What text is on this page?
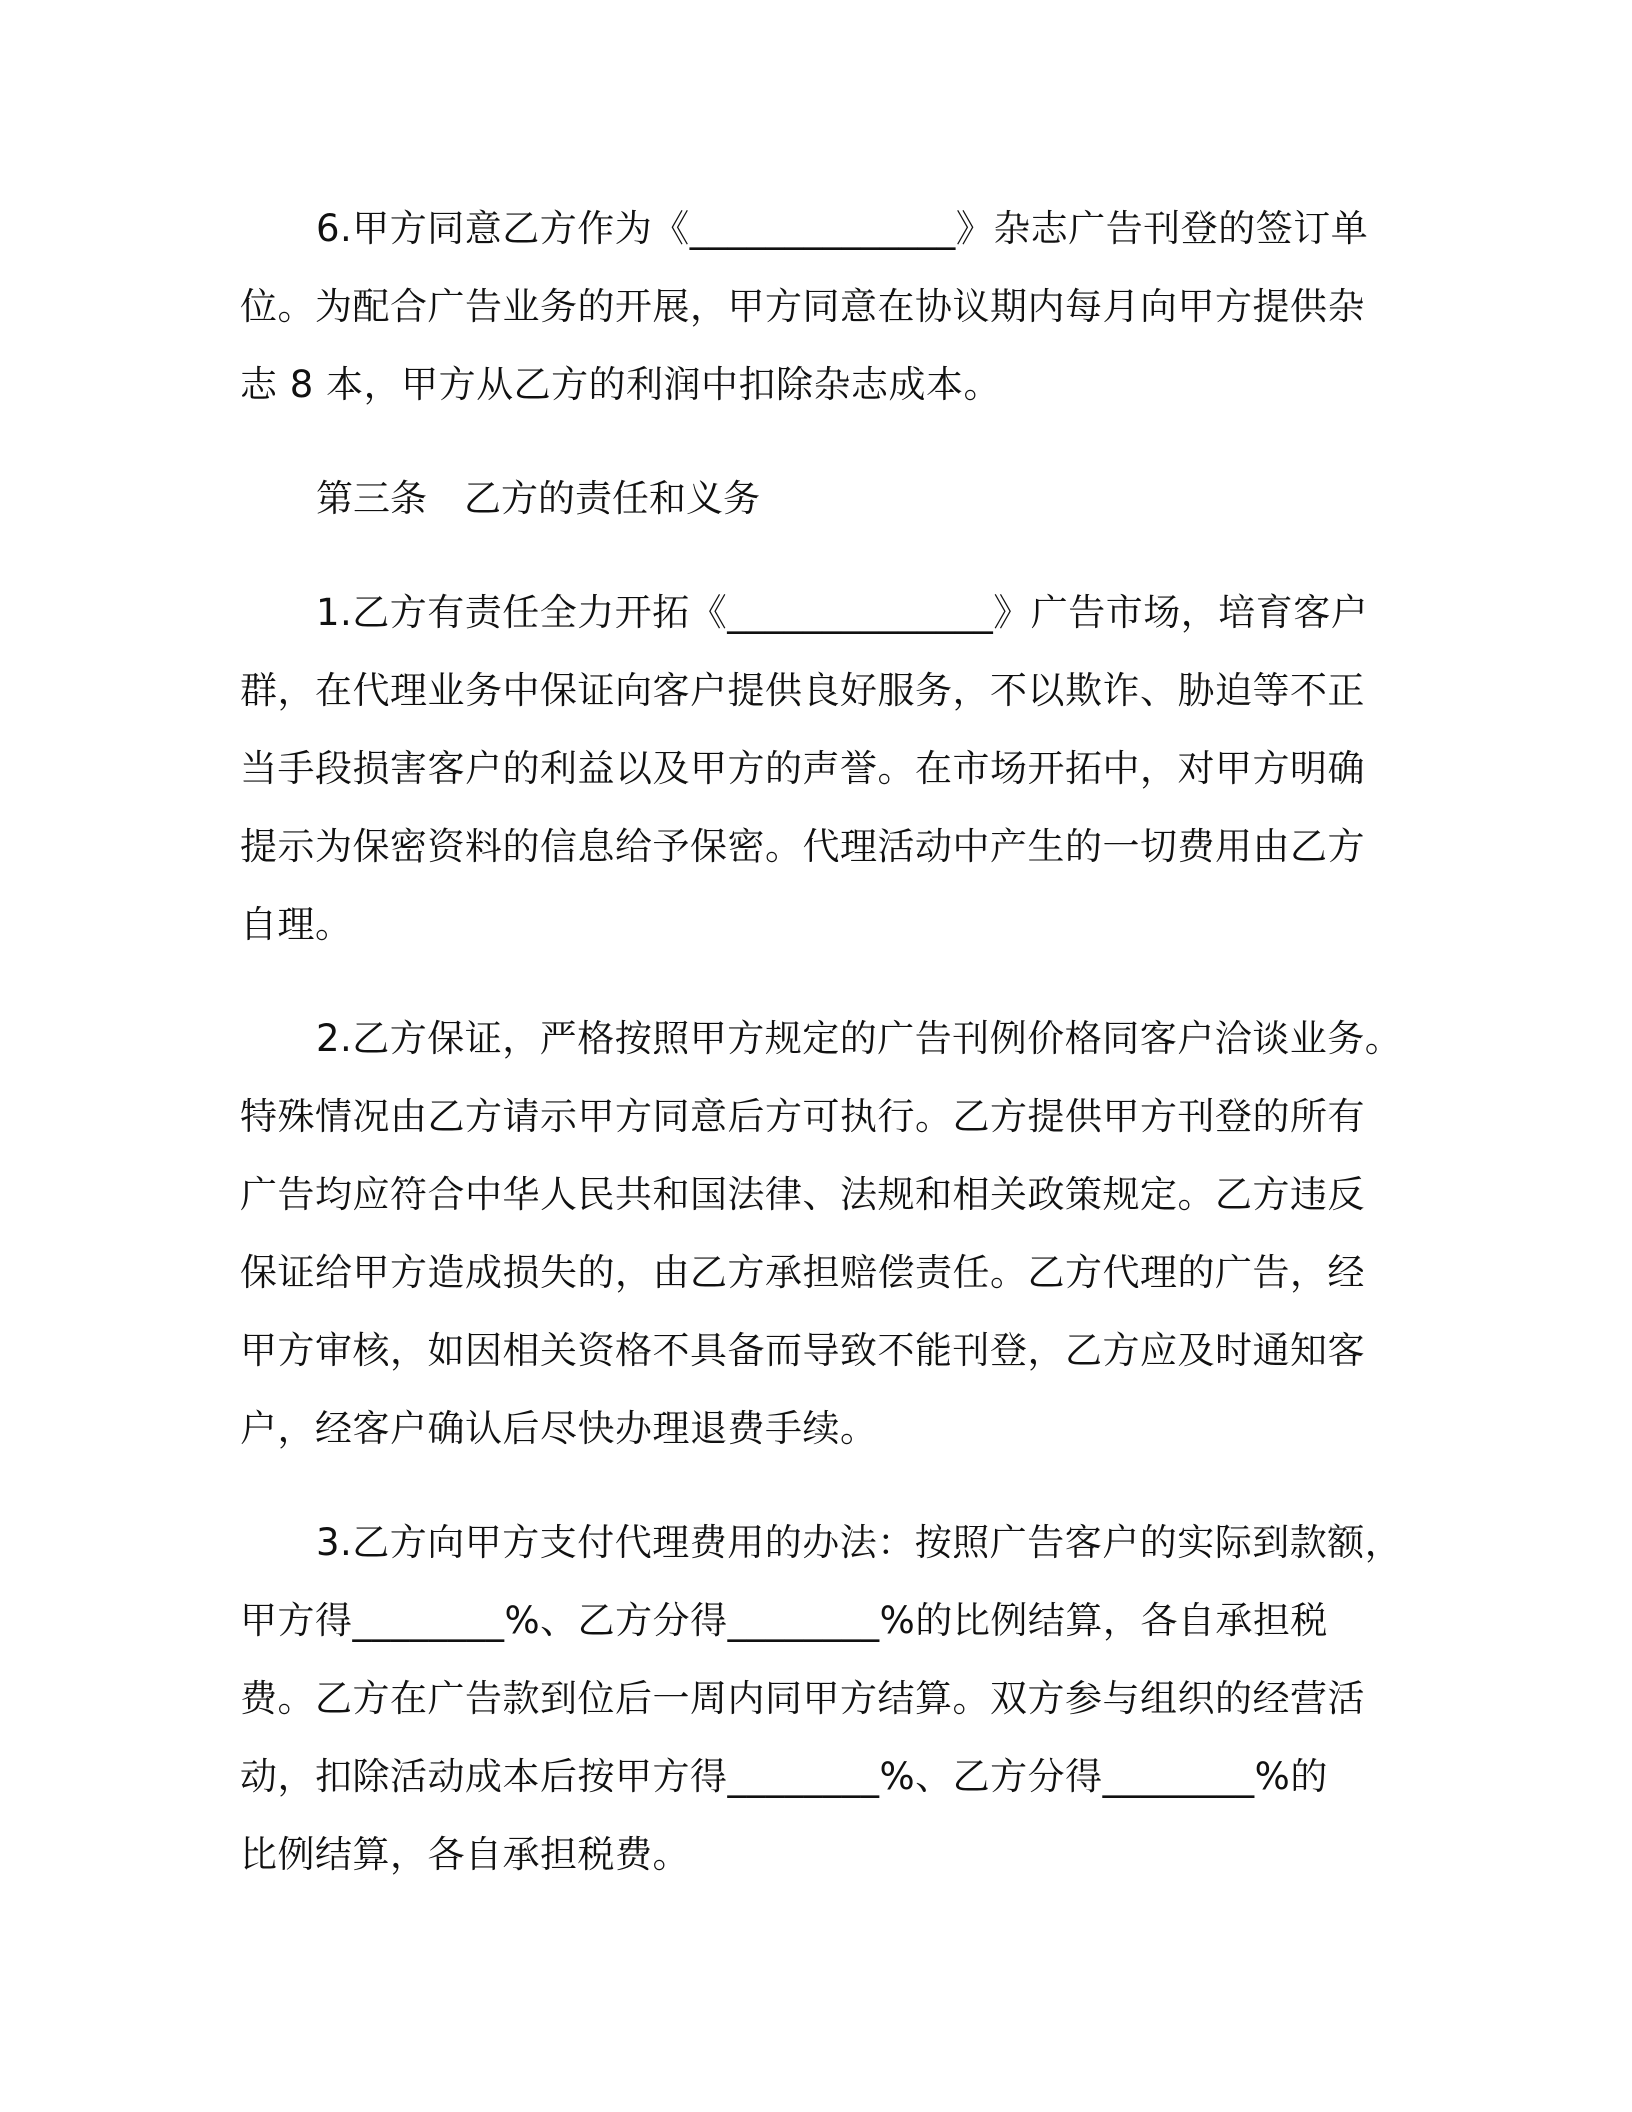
6.甲方同意乙方作为《______________》杂志广告刊登的签订单
位。为配合广告业务的开展，甲方同意在协议期内每月向甲方提供杂
志 8 本，甲方从乙方的利润中扣除杂志成本。
第三条　乙方的责任和义务
1.乙方有责任全力开拓《______________》广告市场，培育客户
群，在代理业务中保证向客户提供良好服务，不以欺诈、胁迫等不正
当手段损害客户的利益以及甲方的声誉。在市场开拓中，对甲方明确
提示为保密资料的信息给予保密。代理活动中产生的一切费用由乙方
自理。
2.乙方保证，严格按照甲方规定的广告刊例价格同客户洽谈业务。
特殊情况由乙方请示甲方同意后方可执行。乙方提供甲方刊登的所有
广告均应符合中华人民共和国法律、法规和相关政策规定。乙方违反
保证给甲方造成损失的，由乙方承担赔偿责任。乙方代理的广告，经
甲方审核，如因相关资格不具备而导致不能刊登，乙方应及时通知客
户，经客户确认后尽快办理退费手续。
3.乙方向甲方支付代理费用的办法：按照广告客户的实际到款额，
甲方得________%、乙方分得________%的比例结算，各自承担税
费。乙方在广告款到位后一周内同甲方结算。双方参与组织的经营活
动，扣除活动成本后按甲方得________%、乙方分得________%的
比例结算，各自承担税费。
